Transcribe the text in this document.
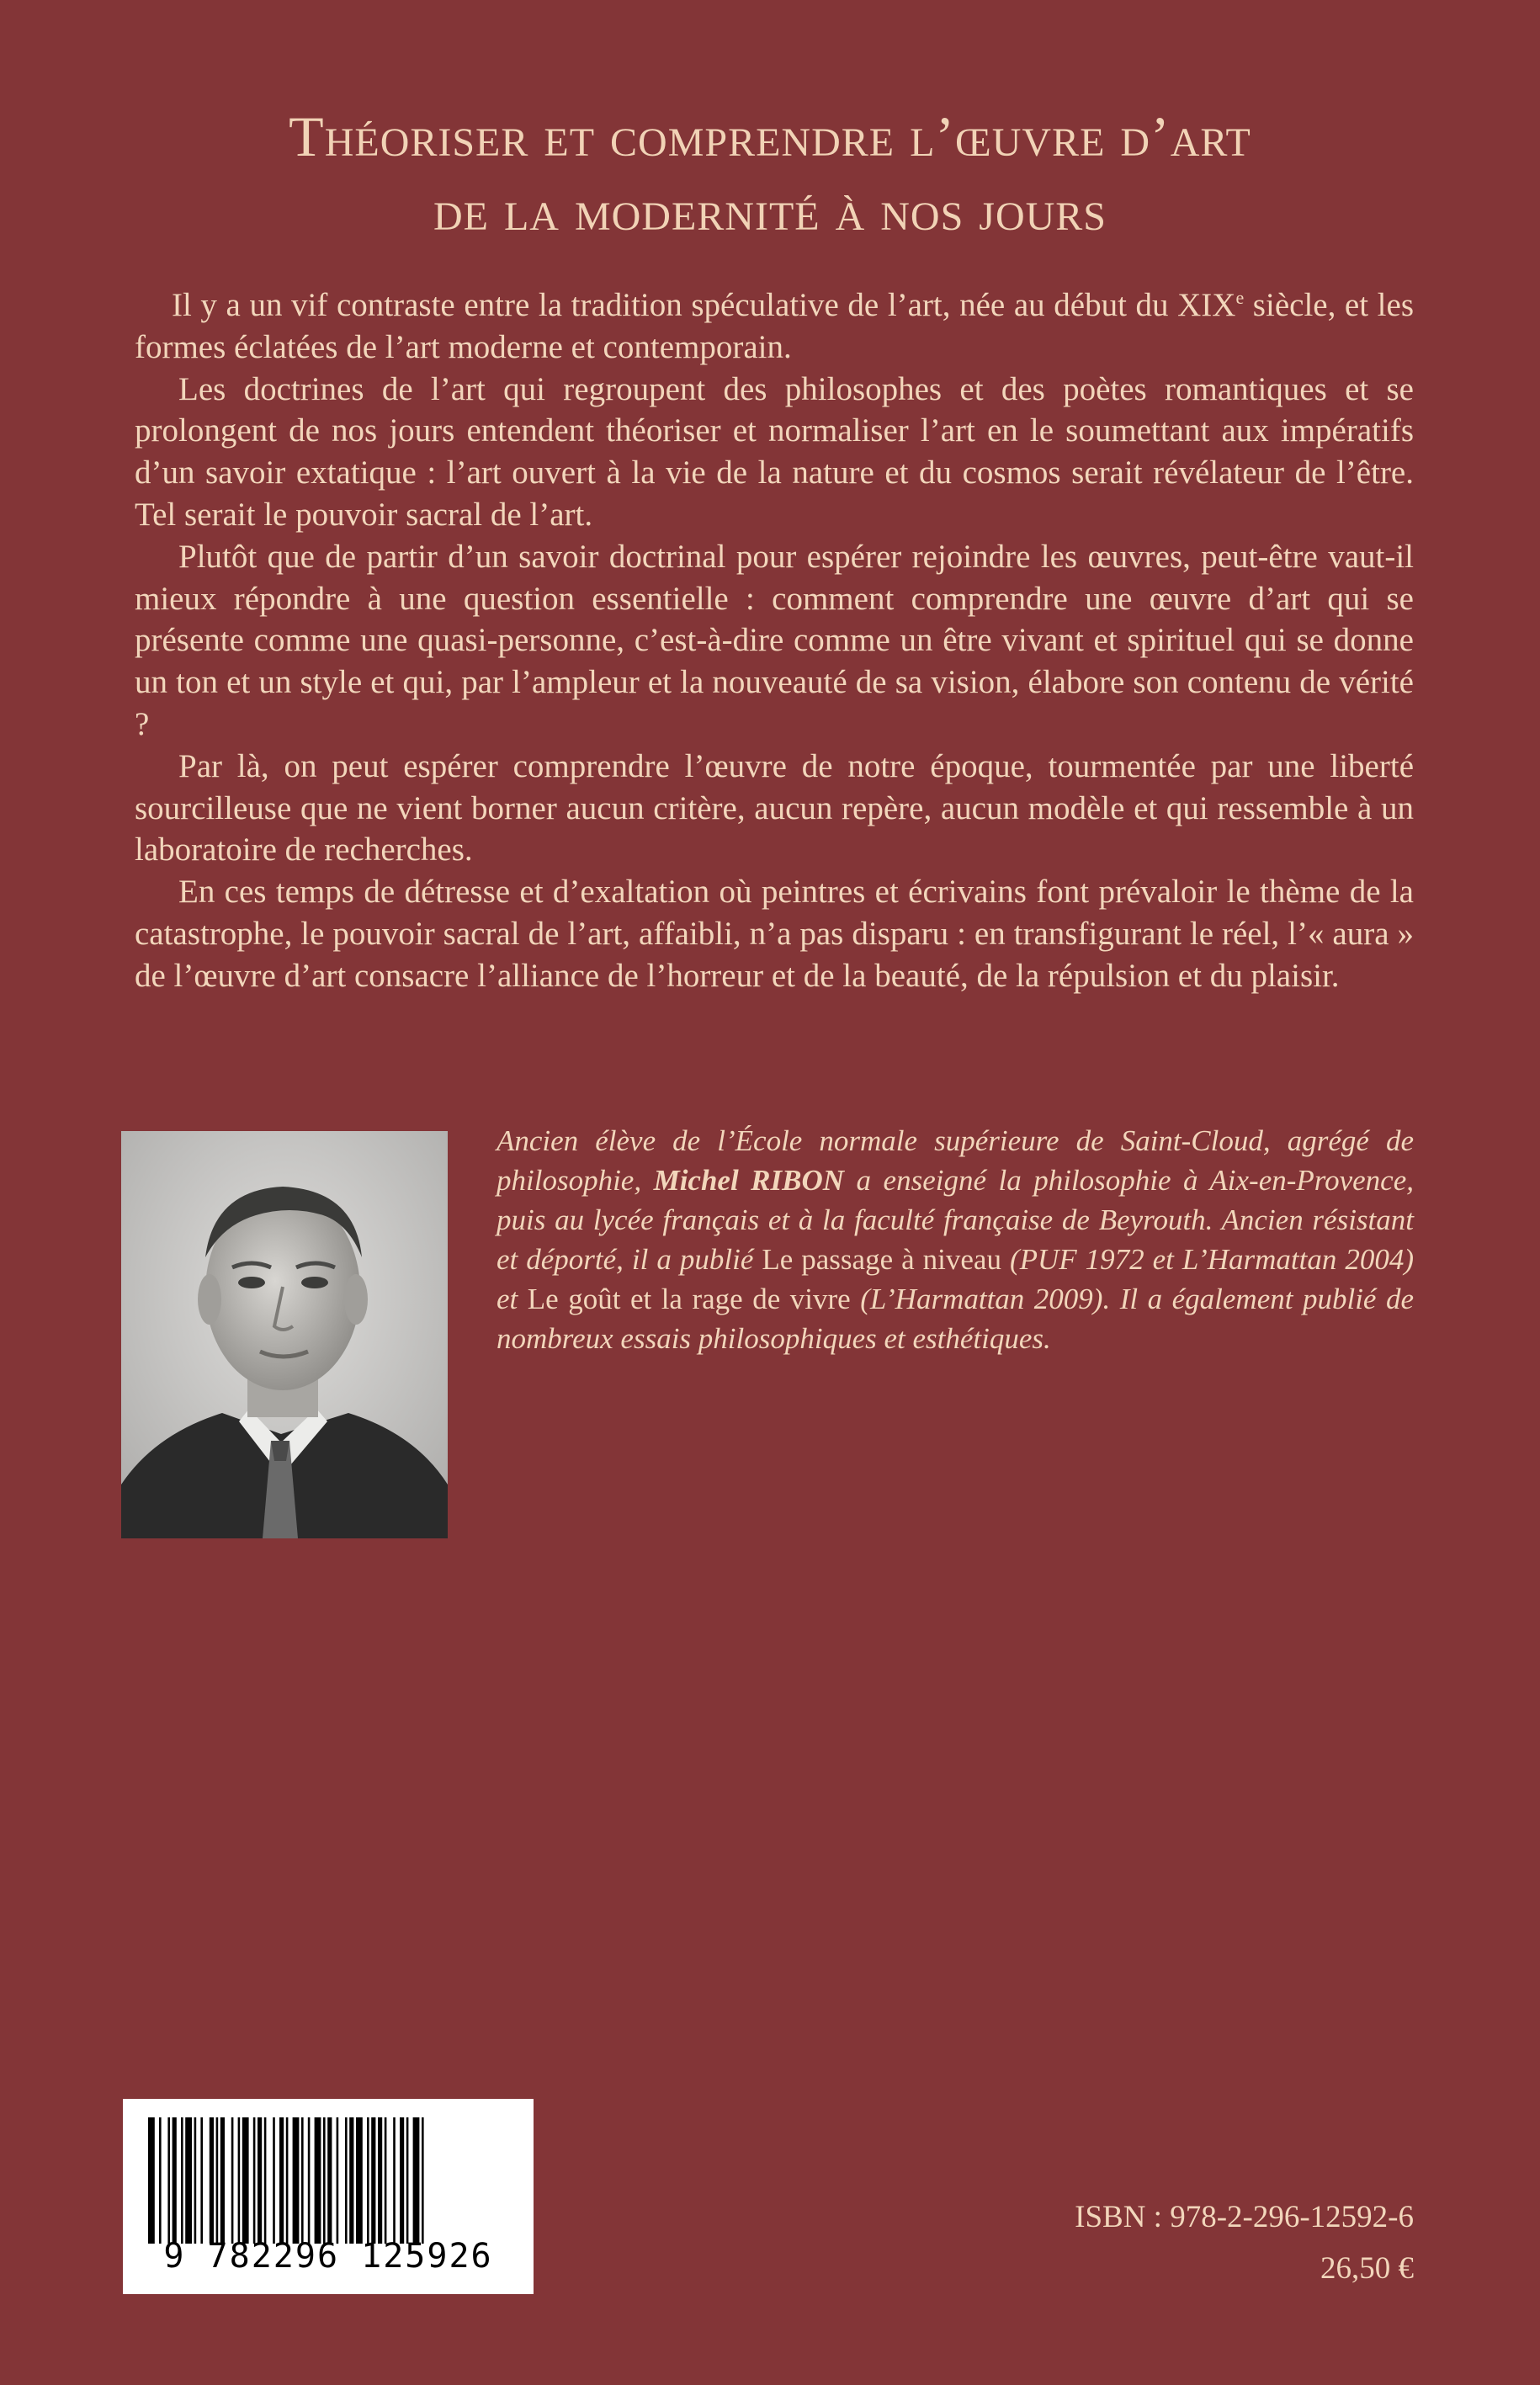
Théoriser et comprendre l’œuvre d’art
de la modernité à nos jours

Il y a un vif contraste entre la tradition spéculative de l’art, née au début du XIXe siècle, et les formes éclatées de l’art moderne et contemporain.

Les doctrines de l’art qui regroupent des philosophes et des poètes romantiques et se prolongent de nos jours entendent théoriser et normaliser l’art en le soumettant aux impératifs d’un savoir extatique : l’art ouvert à la vie de la nature et du cosmos serait révélateur de l’être. Tel serait le pouvoir sacral de l’art.

Plutôt que de partir d’un savoir doctrinal pour espérer rejoindre les œuvres, peut-être vaut-il mieux répondre à une question essentielle : comment comprendre une œuvre d’art qui se présente comme une quasi-personne, c’est-à-dire comme un être vivant et spirituel qui se donne un ton et un style et qui, par l’ampleur et la nouveauté de sa vision, élabore son contenu de vérité ?

Par là, on peut espérer comprendre l’œuvre de notre époque, tourmentée par une liberté sourcilleuse que ne vient borner aucun critère, aucun repère, aucun modèle et qui ressemble à un laboratoire de recherches.

En ces temps de détresse et d’exaltation où peintres et écrivains font prévaloir le thème de la catastrophe, le pouvoir sacral de l’art, affaibli, n’a pas disparu : en transfigurant le réel, l’« aura » de l’œuvre d’art consacre l’alliance de l’horreur et de la beauté, de la répulsion et du plaisir.

Ancien élève de l’École normale supérieure de Saint-Cloud, agrégé de philosophie, Michel RIBON a enseigné la philosophie à Aix-en-Provence, puis au lycée français et à la faculté française de Beyrouth. Ancien résistant et déporté, il a publié Le passage à niveau (PUF 1972 et L’Harmattan 2004) et Le goût et la rage de vivre (L’Harmattan 2009). Il a également publié de nombreux essais philosophiques et esthétiques.
9 782296 125926
ISBN : 978-2-296-12592-6
26,50 €
